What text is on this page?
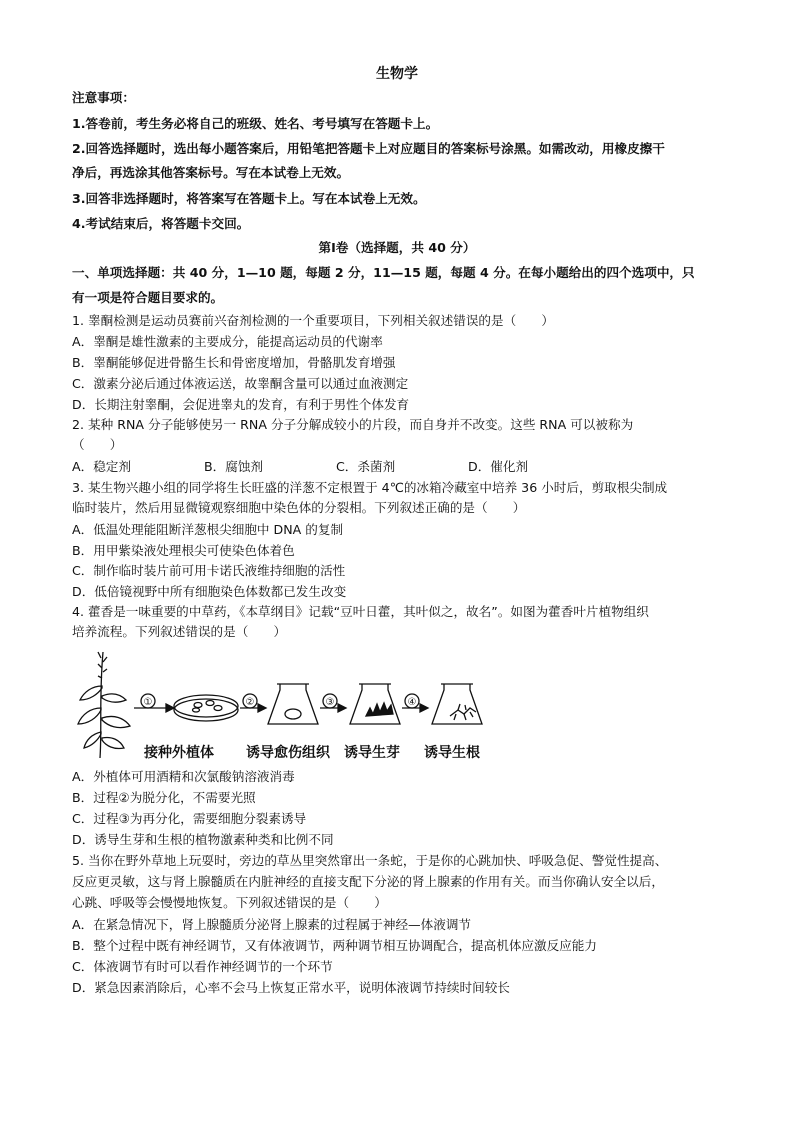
生物学
注意事项：
1.答卷前，考生务必将自己的班级、姓名、考号填写在答题卡上。
2.回答选择题时，选出每小题答案后，用铅笔把答题卡上对应题目的答案标号涂黑。如需改动，用橡皮擦干
净后，再选涂其他答案标号。写在本试卷上无效。
3.回答非选择题时，将答案写在答题卡上。写在本试卷上无效。
4.考试结束后，将答题卡交回。
第Ⅰ卷（选择题，共 40 分）
一、单项选择题：共 40 分，1—10 题，每题 2 分，11—15 题，每题 4 分。在每小题给出的四个选项中，只
有一项是符合题目要求的。
1. 睾酮检测是运动员赛前兴奋剂检测的一个重要项目，下列相关叙述错误的是（　　）
A．睾酮是雄性激素的主要成分，能提高运动员的代谢率
B．睾酮能够促进骨骼生长和骨密度增加，骨骼肌发育增强
C．激素分泌后通过体液运送，故睾酮含量可以通过血液测定
D．长期注射睾酮，会促进睾丸的发育，有利于男性个体发育
2. 某种 RNA 分子能够使另一 RNA 分子分解成较小的片段，而自身并不改变。这些 RNA 可以被称为
（　　）
A．稳定剂	B．腐蚀剂	C．杀菌剂	D．催化剂
3. 某生物兴趣小组的同学将生长旺盛的洋葱不定根置于 4℃的冰箱冷藏室中培养 36 小时后，剪取根尖制成
临时装片，然后用显微镜观察细胞中染色体的分裂相。下列叙述正确的是（　　）
A．低温处理能阻断洋葱根尖细胞中 DNA 的复制
B．用甲紫染液处理根尖可使染色体着色
C．制作临时装片前可用卡诺氏液维持细胞的活性
D．低倍镜视野中所有细胞染色体数都已发生改变
4. 藿香是一味重要的中草药，《本草纲目》记载“豆叶日藿，其叶似之，故名”。如图为藿香叶片植物组织
培养流程。下列叙述错误的是（　　）
①	②	③	④
接种外植体 诱导愈伤组织 诱导生芽 诱导生根
A．外植体可用酒精和次氯酸钠溶液消毒
B．过程②为脱分化，不需要光照
C．过程③为再分化，需要细胞分裂素诱导
D．诱导生芽和生根的植物激素种类和比例不同
5. 当你在野外草地上玩耍时，旁边的草丛里突然窜出一条蛇，于是你的心跳加快、呼吸急促、警觉性提高、
反应更灵敏，这与肾上腺髓质在内脏神经的直接支配下分泌的肾上腺素的作用有关。而当你确认安全以后，
心跳、呼吸等会慢慢地恢复。下列叙述错误的是（　　）
A．在紧急情况下，肾上腺髓质分泌肾上腺素的过程属于神经—体液调节
B．整个过程中既有神经调节，又有体液调节，两种调节相互协调配合，提高机体应激反应能力
C．体液调节有时可以看作神经调节的一个环节
D．紧急因素消除后，心率不会马上恢复正常水平，说明体液调节持续时间较长
